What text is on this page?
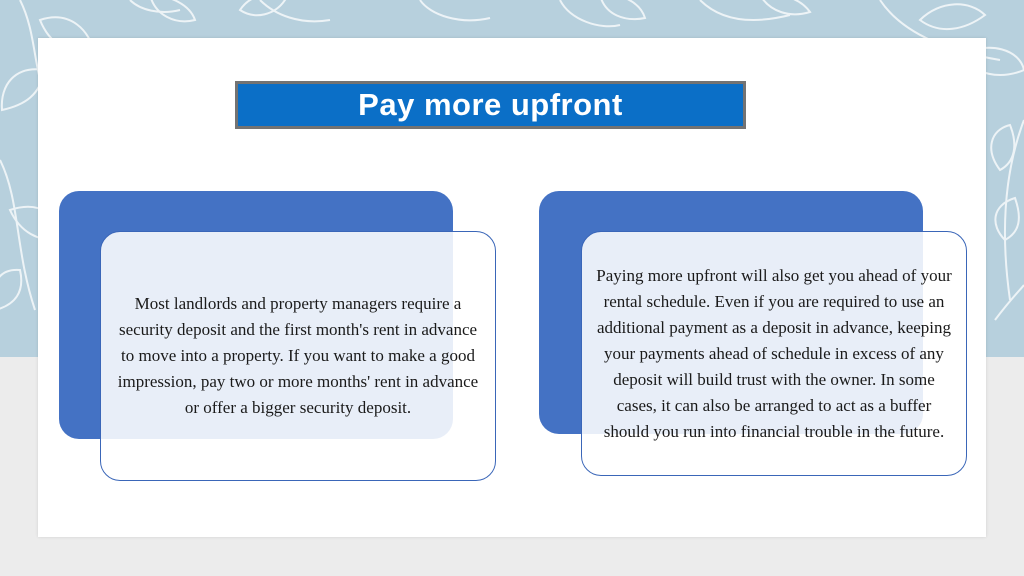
Pay more upfront

Most landlords and property managers require a security deposit and the first month's rent in advance to move into a property. If you want to make a good impression, pay two or more months' rent in advance or offer a bigger security deposit.

Paying more upfront will also get you ahead of your rental schedule. Even if you are required to use an additional payment as a deposit in advance, keeping your payments ahead of schedule in excess of any deposit will build trust with the owner. In some cases, it can also be arranged to act as a buffer should you run into financial trouble in the future.
